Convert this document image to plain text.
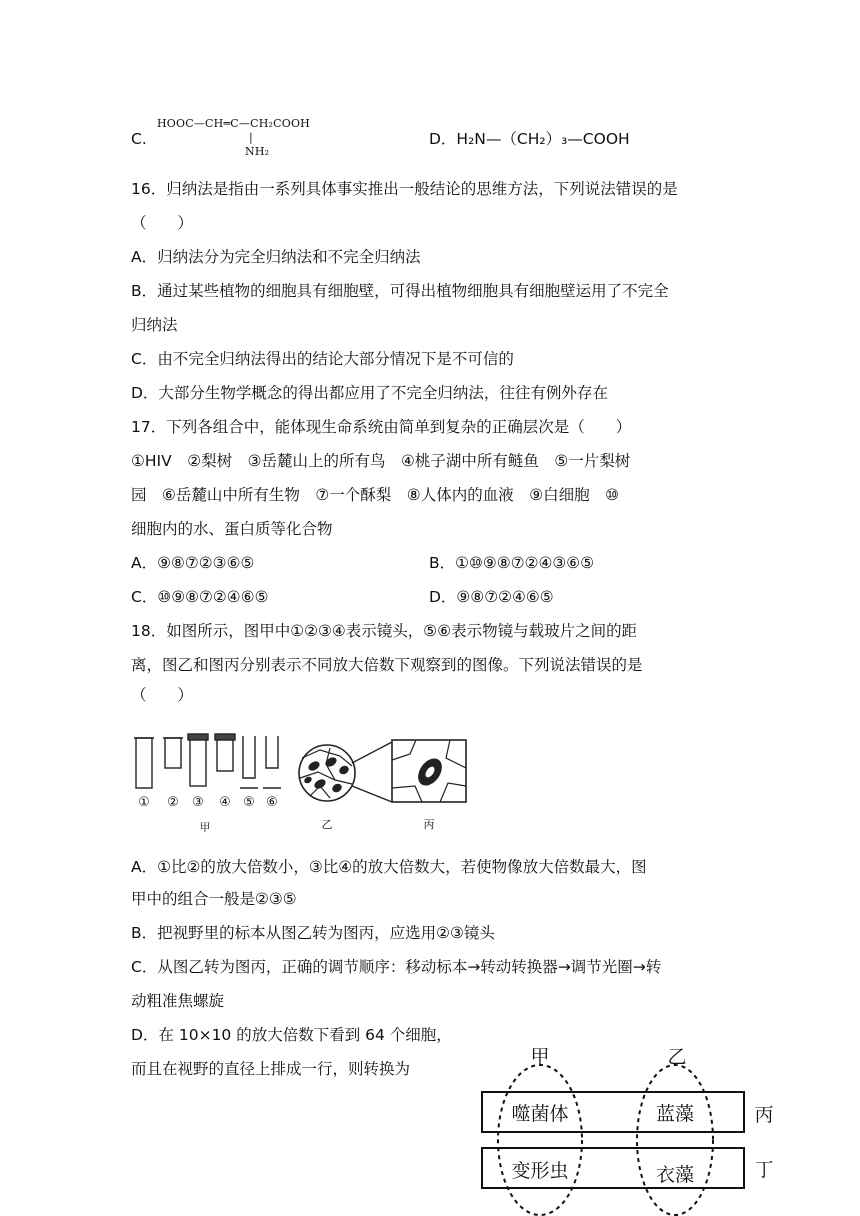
C.
HOOC—CH═C—CH₂COOH
|
NH₂
D．H₂N—（CH₂）₃—COOH
16．归纳法是指由一系列具体事实推出一般结论的思维方法，下列说法错误的是
（　　）
A．归纳法分为完全归纳法和不完全归纳法
B．通过某些植物的细胞具有细胞壁，可得出植物细胞具有细胞壁运用了不完全
归纳法
C．由不完全归纳法得出的结论大部分情况下是不可信的
D．大部分生物学概念的得出都应用了不完全归纳法，往往有例外存在
17．下列各组合中，能体现生命系统由简单到复杂的正确层次是（　　）
①HIV　②梨树　③岳麓山上的所有鸟　④桃子湖中所有鲢鱼　⑤一片梨树
园　⑥岳麓山中所有生物　⑦一个酥梨　⑧人体内的血液　⑨白细胞　⑩
细胞内的水、蛋白质等化合物
A．⑨⑧⑦②③⑥⑤	B．①⑩⑨⑧⑦②④③⑥⑤
C．⑩⑨⑧⑦②④⑥⑤	D．⑨⑧⑦②④⑥⑤
18．如图所示，图甲中①②③④表示镜头，⑤⑥表示物镜与载玻片之间的距
离，图乙和图丙分别表示不同放大倍数下观察到的图像。下列说法错误的是
（　　）
① ② ③ ④ ⑤ ⑥
甲	乙	丙
A．①比②的放大倍数小，③比④的放大倍数大，若使物像放大倍数最大，图
甲中的组合一般是②③⑤
B．把视野里的标本从图乙转为图丙，应选用②③镜头
C．从图乙转为图丙，正确的调节顺序：移动标本→转动转换器→调节光圈→转
动粗准焦螺旋
D．在 10×10 的放大倍数下看到 64 个细胞，
而且在视野的直径上排成一行，则转换为
甲	乙
丙
丁
噬菌体	蓝藻
变形虫	衣藻
